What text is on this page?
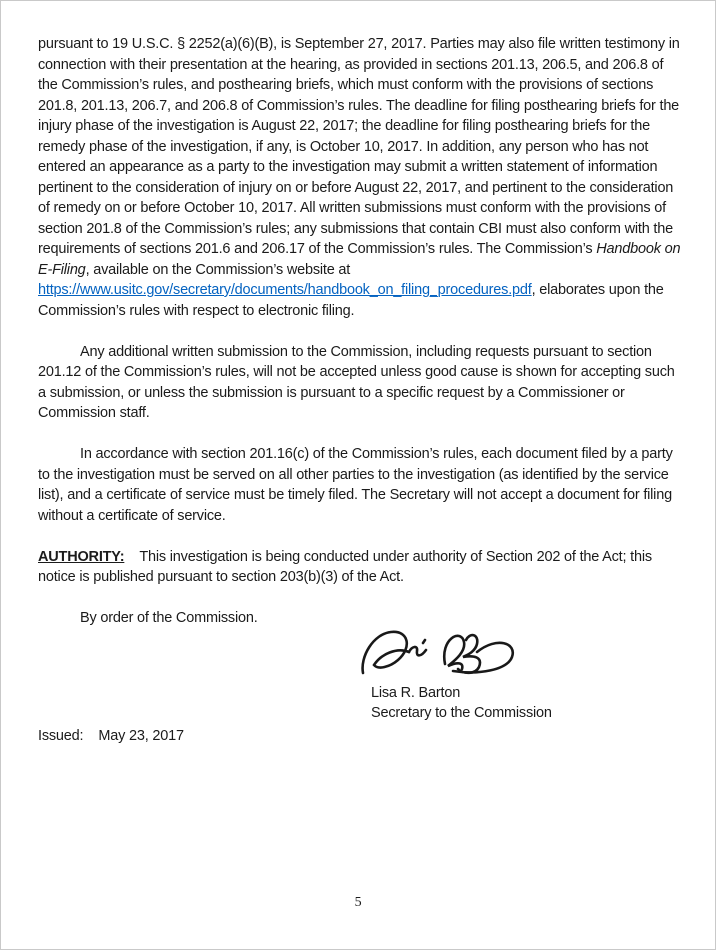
pursuant to 19 U.S.C. § 2252(a)(6)(B), is September 27, 2017. Parties may also file written testimony in connection with their presentation at the hearing, as provided in sections 201.13, 206.5, and 206.8 of the Commission’s rules, and posthearing briefs, which must conform with the provisions of sections 201.8, 201.13, 206.7, and 206.8 of Commission’s rules. The deadline for filing posthearing briefs for the injury phase of the investigation is August 22, 2017; the deadline for filing posthearing briefs for the remedy phase of the investigation, if any, is October 10, 2017. In addition, any person who has not entered an appearance as a party to the investigation may submit a written statement of information pertinent to the consideration of injury on or before August 22, 2017, and pertinent to the consideration of remedy on or before October 10, 2017. All written submissions must conform with the provisions of section 201.8 of the Commission’s rules; any submissions that contain CBI must also conform with the requirements of sections 201.6 and 206.17 of the Commission’s rules. The Commission’s Handbook on E-Filing, available on the Commission’s website at https://www.usitc.gov/secretary/documents/handbook_on_filing_procedures.pdf, elaborates upon the Commission’s rules with respect to electronic filing.

Any additional written submission to the Commission, including requests pursuant to section 201.12 of the Commission’s rules, will not be accepted unless good cause is shown for accepting such a submission, or unless the submission is pursuant to a specific request by a Commissioner or Commission staff.

In accordance with section 201.16(c) of the Commission’s rules, each document filed by a party to the investigation must be served on all other parties to the investigation (as identified by the service list), and a certificate of service must be timely filed. The Secretary will not accept a document for filing without a certificate of service.

AUTHORITY: This investigation is being conducted under authority of Section 202 of the Act; this notice is published pursuant to section 203(b)(3) of the Act.

By order of the Commission.

Lisa R. Barton
Secretary to the Commission
Issued: May 23, 2017
5
